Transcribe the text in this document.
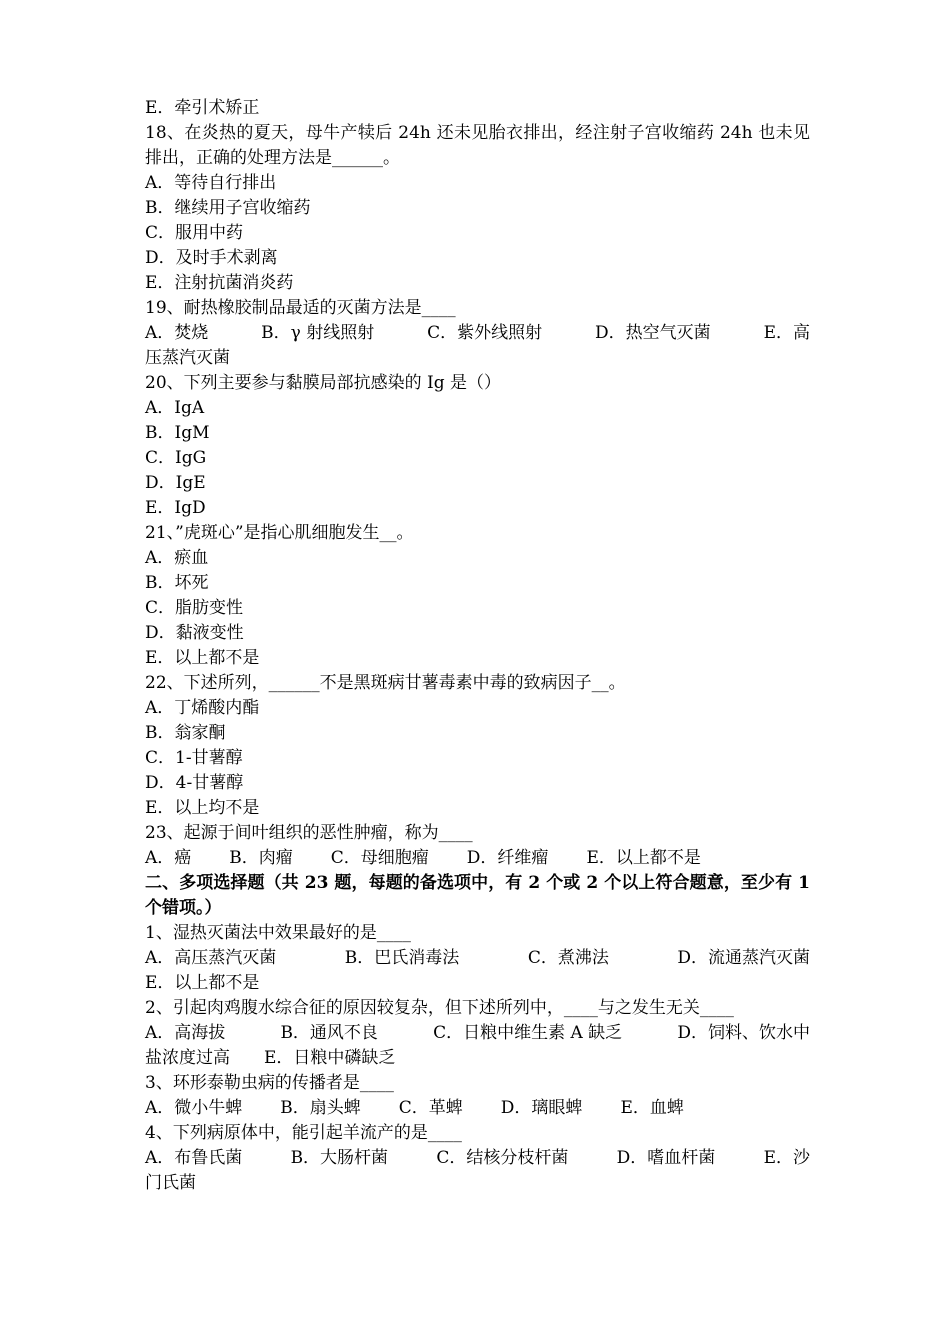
E．牵引术矫正
18、在炎热的夏天，母牛产犊后 24h 还未见胎衣排出，经注射子宫收缩药 24h 也未见排出，正确的处理方法是______。
A．等待自行排出
B．继续用子宫收缩药
C．服用中药
D．及时手术剥离
E．注射抗菌消炎药
19、耐热橡胶制品最适的灭菌方法是____
A．焚烧	B．γ 射线照射	C．紫外线照射	D．热空气灭菌	E．高
压蒸汽灭菌
20、下列主要参与黏膜局部抗感染的 Ig 是（）
A．IgA
B．IgM
C．IgG
D．IgE
E．IgD
21、”虎斑心”是指心肌细胞发生__。
A．瘀血
B．坏死
C．脂肪变性
D．黏液变性
E．以上都不是
22、下述所列，______不是黑斑病甘薯毒素中毒的致病因子__。
A．丁烯酸内酯
B．翁家酮
C．1-甘薯醇
D．4-甘薯醇
E．以上均不是
23、起源于间叶组织的恶性肿瘤，称为____
A．癌 B．肉瘤 C．母细胞瘤 D．纤维瘤 E．以上都不是
二、多项选择题（共 23 题，每题的备选项中，有 2 个或 2 个以上符合题意，至少有 1 个错项。）
1、湿热灭菌法中效果最好的是____
A．高压蒸汽灭菌	B．巴氏消毒法	C．煮沸法	D．流通蒸汽灭菌
E．以上都不是
2、引起肉鸡腹水综合征的原因较复杂，但下述所列中，____与之发生无关____
A．高海拔	B．通风不良	C．日粮中维生素 A 缺乏	D．饲料、饮水中
盐浓度过高　　E．日粮中磷缺乏
3、环形泰勒虫病的传播者是____
A．微小牛蜱 B．扇头蜱 C．革蜱 D．璃眼蜱 E．血蜱
4、下列病原体中，能引起羊流产的是____
A．布鲁氏菌	B．大肠杆菌	C．结核分枝杆菌	D．嗜血杆菌	E．沙
门氏菌
